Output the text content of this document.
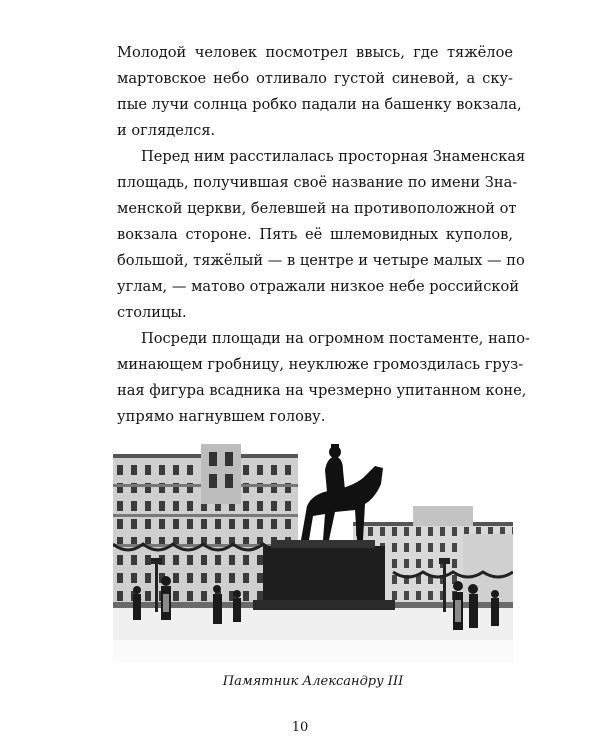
Молодой человек посмотрел ввысь, где тяжёлое
мартовское небо отливало густой синевой, а ску-
пые лучи солнца робко падали на башенку вокзала,
и огляделся.
Перед ним расстилалась просторная Знаменская
площадь, получившая своё название по имени Зна-
менской церкви, белевшей на противоположной от
вокзала стороне. Пять её шлемовидных куполов,
большой, тяжёлый — в центре и четыре малых — по
углам, — матово отражали низкое небе российской
столицы.
Посреди площади на огромном постаменте, напо-
минающем гробницу, неуклюже громоздилась груз-
ная фигура всадника на чрезмерно упитанном коне,
упрямо нагнувшем голову.
Памятник Александру III
10
